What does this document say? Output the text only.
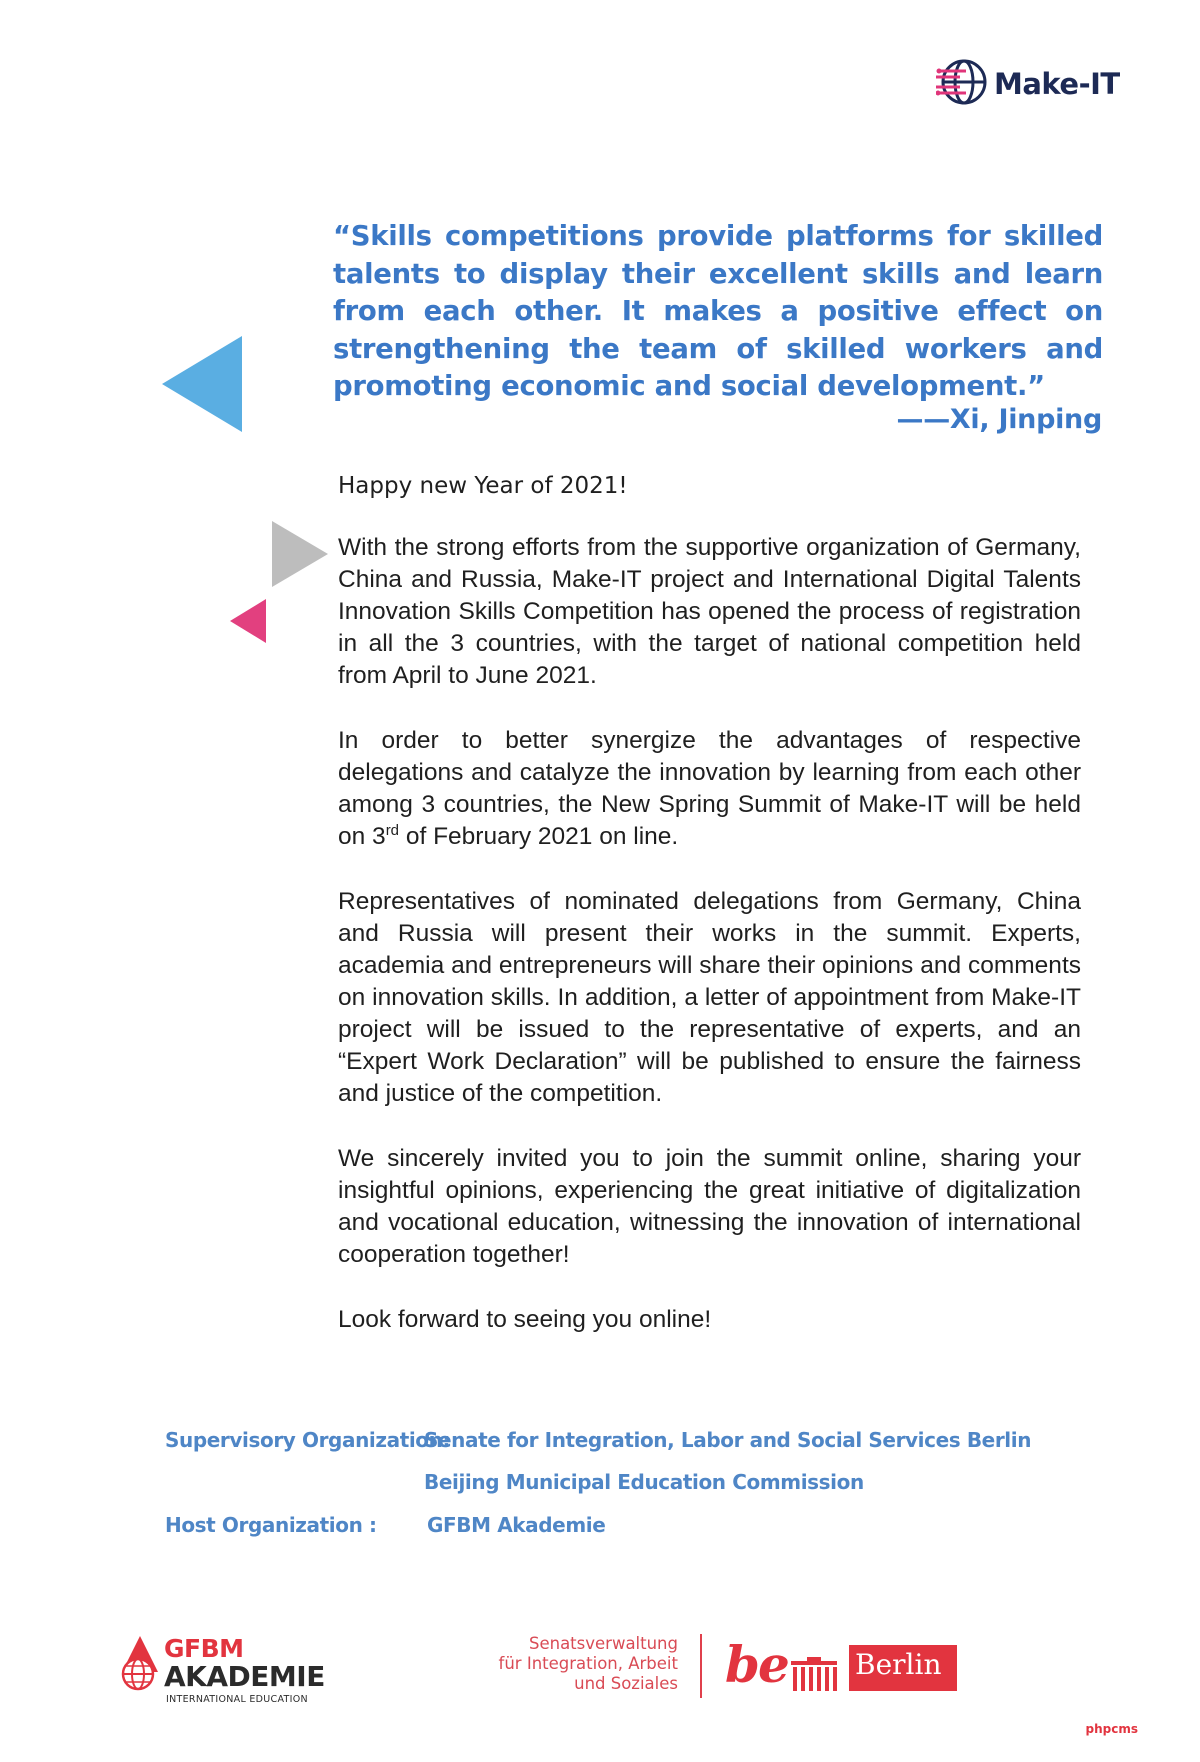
Make-IT
“Skills competitions provide platforms for skilled talents to display their excellent skills and learn from each other. It makes a positive effect on strengthening the team of skilled workers and promoting economic and social development.”
——Xi, Jinping

Happy new Year of 2021!

With the strong efforts from the supportive organization of Germany, China and Russia, Make-IT project and International Digital Talents Innovation Skills Competition has opened the process of registration in all the 3 countries, with the target of national competition held from April to June 2021.

In order to better synergize the advantages of respective delegations and catalyze the innovation by learning from each other among 3 countries, the New Spring Summit of Make-IT will be held on 3rd of February 2021 on line.

Representatives of nominated delegations from Germany, China and Russia will present their works in the summit. Experts, academia and entrepreneurs will share their opinions and comments on innovation skills. In addition, a letter of appointment from Make-IT project will be issued to the representative of experts, and an “Expert Work Declaration” will be published to ensure the fairness and justice of the competition.

We sincerely invited you to join the summit online, sharing your insightful opinions, experiencing the great initiative of digitalization and vocational education, witnessing the innovation of international cooperation together!

Look forward to seeing you online!

Supervisory Organization:
Senate for Integration, Labor and Social Services Berlin
Beijing Municipal Education Commission
Host Organization :	GFBM Akademie
GFBM
AKADEMIE
INTERNATIONAL EDUCATION
Senatsverwaltung
für Integration, Arbeit
und Soziales be Berlin
phpcms
